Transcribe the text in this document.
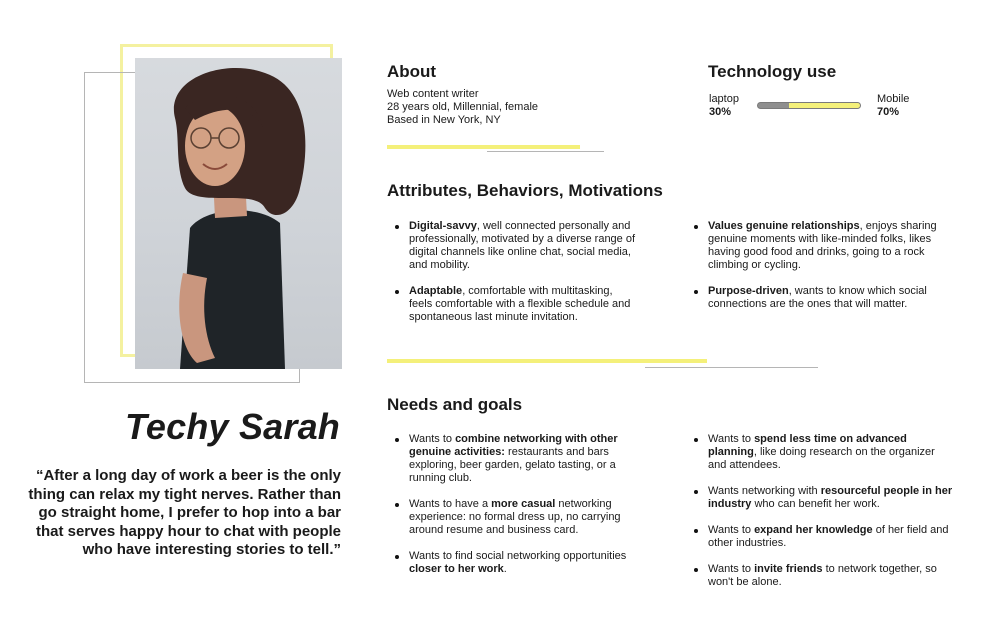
Techy Sarah
“After a long day of work a beer is the only thing can relax my tight nerves. Rather than go straight home, I prefer to hop into a bar that serves happy hour to chat with people who have interesting stories to tell.”
About
Web content writer
28 years old, Millennial, female
Based in New York, NY
Technology use
laptop
30%
Mobile
70%
Attributes, Behaviors, Motivations
Digital-savvy, well connected personally and professionally, motivated by a diverse range of digital channels like online chat, social media, and mobility.
Adaptable, comfortable with multitasking, feels comfortable with a flexible schedule and spontaneous last minute invitation.
Values genuine relationships, enjoys sharing genuine moments with like-minded folks, likes having good food and drinks, going to a rock climbing or cycling.
Purpose-driven, wants to know which social connections are the ones that will matter.
Needs and goals
Wants to combine networking with other genuine activities: restaurants and bars exploring, beer garden, gelato tasting, or a running club.
Wants to have a more casual networking experience: no formal dress up, no carrying around resume and business card.
Wants to find social networking opportunities closer to her work.
Wants to spend less time on advanced planning, like doing research on the organizer and attendees.
Wants networking with resourceful people in her industry who can benefit her work.
Wants to expand her knowledge of her field and other industries.
Wants to invite friends to network together, so won't be alone.
